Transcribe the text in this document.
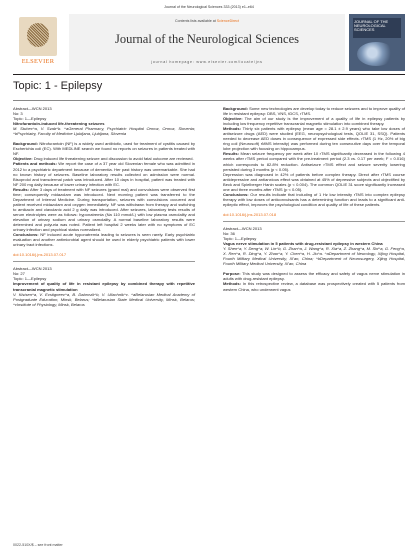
Journal of the Neurological Sciences 333 (2013) e1–e64
ELSEVIER
Contents lists available at ScienceDirect
Journal of the Neurological Sciences
journal homepage: www.elsevier.com/locate/jns
JOURNAL OF THE NEUROLOGICAL SCIENCES
Topic: 1 - Epilepsy

Abstract—WCN 2013

No: 3

Topic: 1—Epilepsy

Nitrofurantoin-induced life-threatening seizures

M. Stuhec^a, V. Svab^b. ^aGeneral Pharmacy, Psychiatric Hospital Ormoz, Ormoz, Slovenia; ^bPsychiatry, Faculty of Medicine Ljubljana, Ljubljana, Slovenia

Background: Nitrofurantoin (NF) is a widely used antibiotic, used for treatment of cystitis caused by Escherichia coli (EC). With MEDLINE search we found no reports on seizures in patients treated with NF.

Objective: Drug induced life threatening seizure and discussion to avoid fatal outcome are reviewed.

Patients and methods: We report the case of a 37 year old Slovenian female who was admitted in 2012 to a psychiatric department because of dementia. Her past history was unremarkable. She had no known history of seizures. Baseline laboratory results collected on admission were normal. Bisoprolol and transdermal patch was introduced. After 10 days in hospital, patient was treated with NF 200 mg daily because of lower urinary infection with EC.

Results: After 3 days of treatment with NF seizures (grand mal) and convulsions were observed first time; consequently midazolam was introduced. Next morning patient was transferred to the Department of Internal Medicine. During transportation, seizures with convulsions occurred and patient received midazolam and oxygen immediately. NF was withdrawn from therapy and switching to amikacin and clavulanic acid 2 g daily was introduced. After seizures, laboratory tests results of serum electrolytes were as follows: hyponatremia (Na 110 mmol/L) with low plasma osmolality and elevation of urinary sodium and urinary osmolality. A normal baseline laboratory results were determined and polyuria was noted. Patient left hospital 2 weeks later with no symptoms of EC urinary infection and psychical status normalized.

Conclusions: NF induced acute hyponatremia leading to seizures is seen rarely. Early psychiatric evaluation and another antimicrobial agent should be used in elderly psychiatric patients with lower urinary tract infections.

doi:10.1016/j.jns.2013.07.017

Abstract—WCN 2013

No: 27

Topic: 1—Epilepsy

Improvement of quality of life in resistant epilepsy by combined therapy with repetitive transcranial magnetic stimulation

V. Kistsen^a, V. Evstigneev^a, B. Dabrovik^b, V. Uliachnik^c. ^aBelarusian Medical Academy of Postgraduate Education, Minsk, Belarus; ^bBelarusian State Medical University, Minsk, Belarus; ^cInstitute of Physiology, Minsk, Belarus

Background: Some new technologies are develop today to reduce seizures and to improve quality of life in resistant epilepsy: DBS, VNS, tDCS, rTMS.

Objective: The aim of our study is the improvement of a quality of life in epilepsy patients by including low frequency repetitive transcranial magnetic stimulation into combined therapy.

Methods: Thirty six patients with epilepsy (mean age = 28.1 ± 2.9 years) who take low doses of antiseizure drugs (AED) were studied (EEG, neuropsychological tests, QOLIE 31, SSQ). Patients needed to decrease AED doses in consequence of expressed side effects. rTMS (1 Hz, 20% of big ring coil (Neurosoft) rMMS intensity) was performed during ten consecutive days over the temporal lobe projection with focusing on hippocampus.

Results: Mean seizure frequency per week after 10 rTMS significantly decreased in the following 4 weeks after rTMS period compared with the pre-treatment period (2.3 vs. 0.17 per week; F = 0.016) which corresponds to 82.8% reduction. Antiseizure rTMS effect and seizure severity lowering persisted during 3 months (p < 0.05).

Depression was diagnosed in 42% of patients before complex therapy. Direct after rTMS course antidepressive and antianxious effect was obtained at 45% of depressive subjects and objectified by Beck and Spielberger Hanin scales (p < 0.004). The common QOLIE 31 score significantly increased one and three months after rTMS (p < 0.05).

Conclusions: Our results indicate that including of 1 Hz low intensity rTMS into complex epilepsy therapy with low doses of anticonvulsants has a determining function and leads to a significant anti-epileptic effect, improves the psychological condition and quality of life of these patients.

doi:10.1016/j.jns.2013.07.018

Abstract—WCN 2013

No: 36

Topic: 1—Epilepsy

Vagus nerve stimulation in 5 patients with drug-resistant epilepsy in western China

Y. Shen^a, Y. Deng^a, W. Lin^b, G. Zhan^a, J. Wang^a, R. Xia^a, Z. Zhang^a, M. Shi^a, G. Feng^a, X. Ren^a, R. Ding^a, Y. Zhao^a, Y. Chen^a, H. Jiu^a. ^aDepartment of Neurology, Xijing Hospital, Fourth Military Medical University, Xi'an, China; ^bDepartment of Neurosurgery, Xijing Hospital, Fourth Military Medical University, Xi'an, China

Purpose: This study was designed to assess the efficacy and safety of vagus nerve stimulation in adults with drug-resistant epilepsy.

Methods: In this retrospective review, a database was prospectively created with 5 patients from western China, who underwent vagus

0022-510X/$ – see front matter
